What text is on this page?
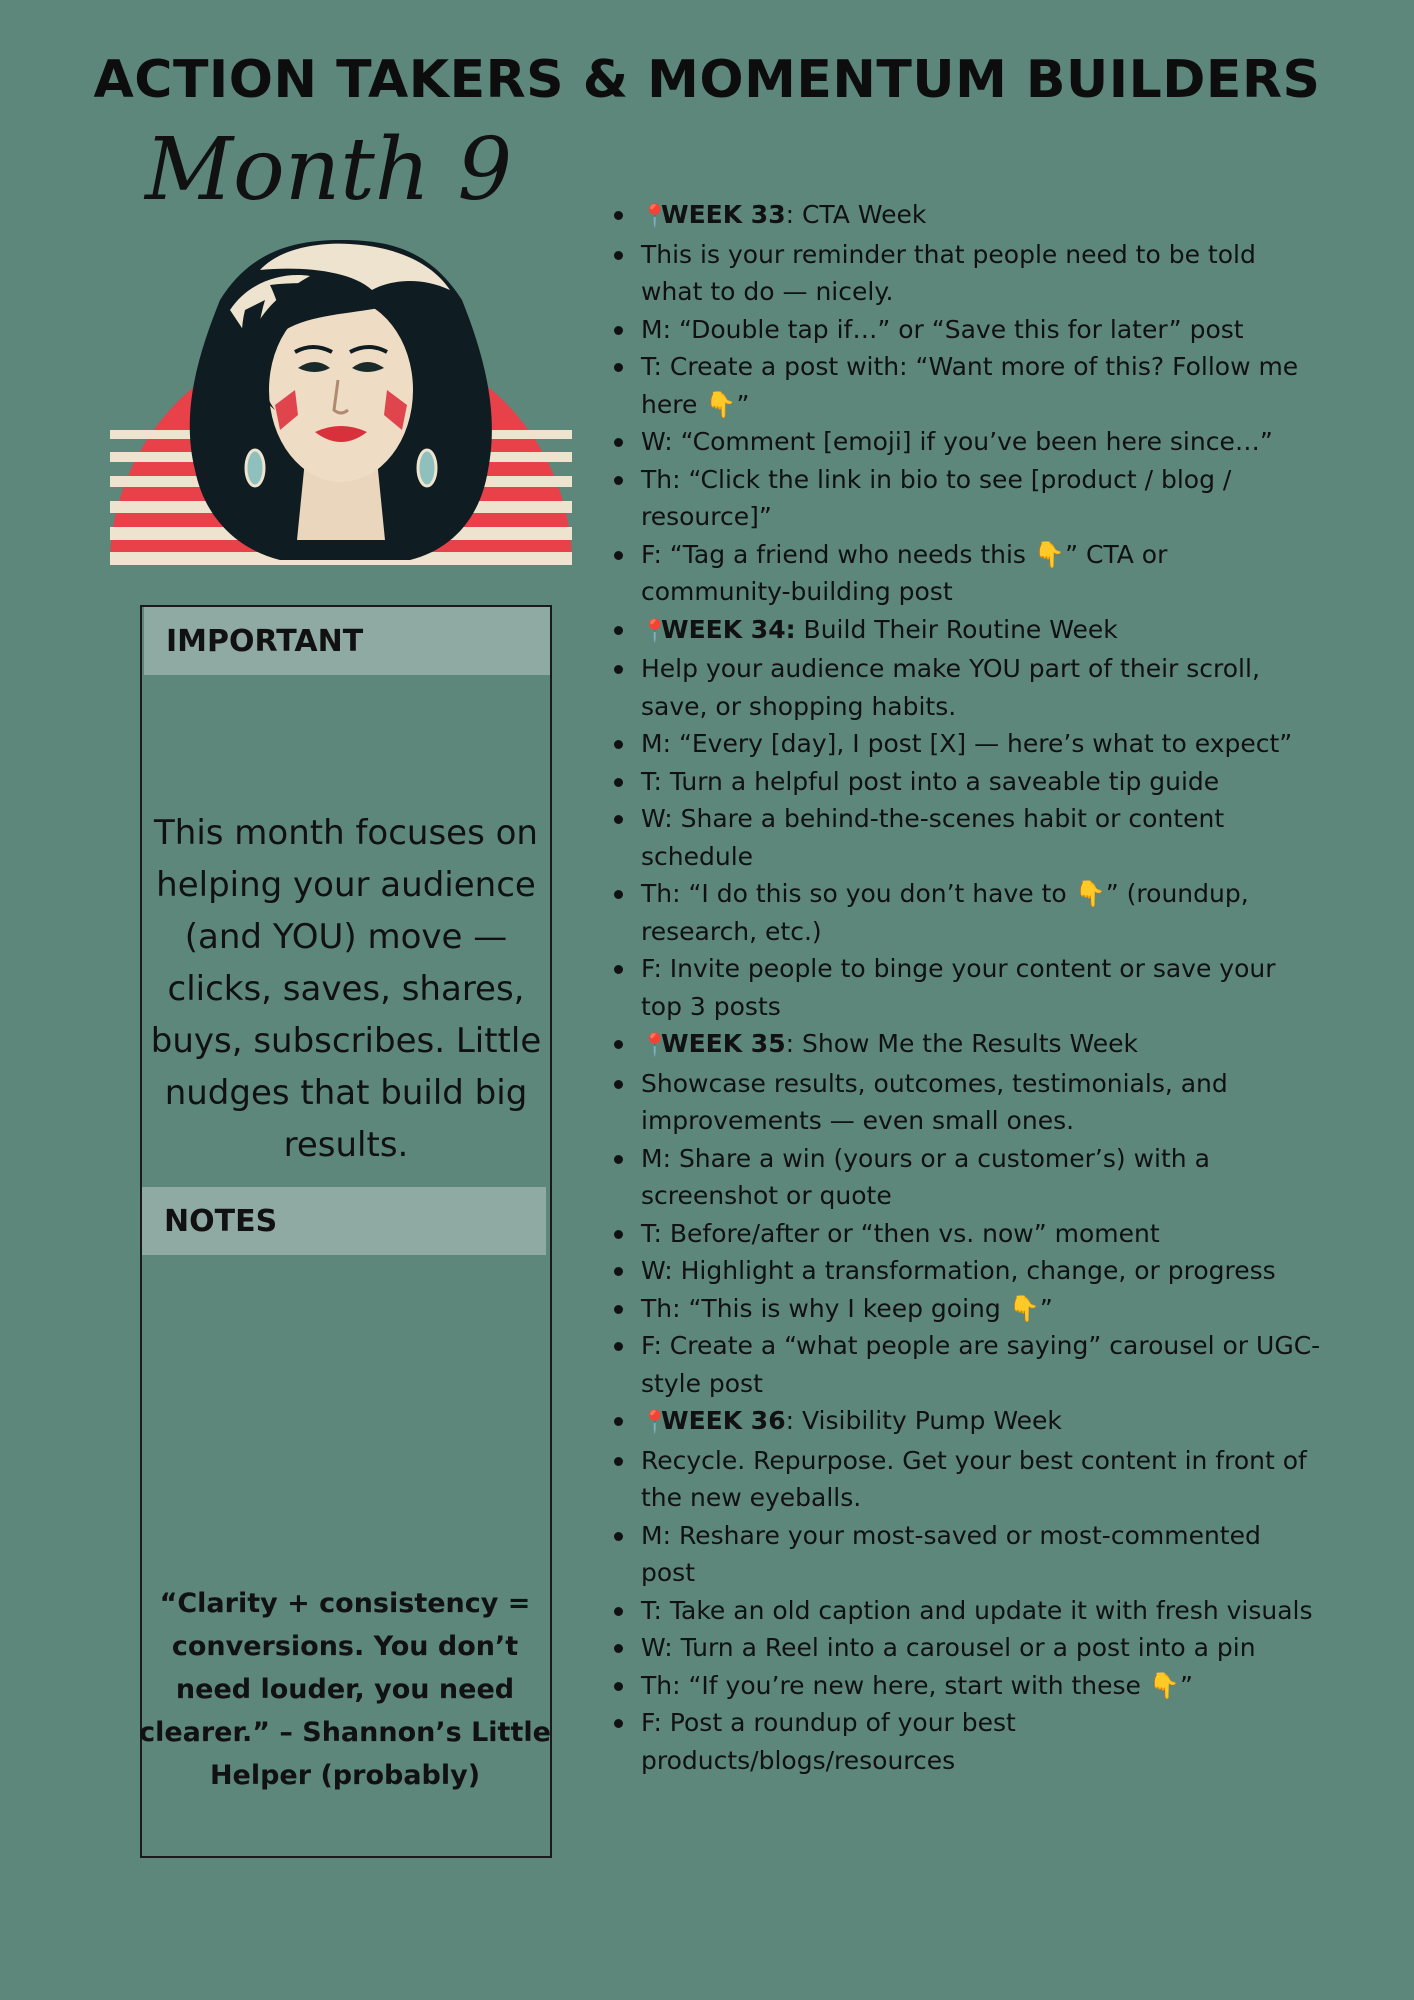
ACTION TAKERS & MOMENTUM BUILDERS
Month 9
IMPORTANT

This month focuses on helping your audience (and YOU) move — clicks, saves, shares, buys, subscribes. Little nudges that build big results.

NOTES

“Clarity + consistency = conversions. You don’t need louder, you need clearer.” – Shannon’s Little Helper (probably)

📍WEEK 33: CTA Week
This is your reminder that people need to be told what to do — nicely.
M: “Double tap if…” or “Save this for later” post
T: Create a post with: “Want more of this? Follow me here 👇”
W: “Comment [emoji] if you’ve been here since…”
Th: “Click the link in bio to see [product / blog / resource]”
F: “Tag a friend who needs this 👇” CTA or community-building post
📍WEEK 34: Build Their Routine Week
Help your audience make YOU part of their scroll, save, or shopping habits.
M: “Every [day], I post [X] — here’s what to expect”
T: Turn a helpful post into a saveable tip guide
W: Share a behind-the-scenes habit or content schedule
Th: “I do this so you don’t have to 👇” (roundup, research, etc.)
F: Invite people to binge your content or save your top 3 posts
📍WEEK 35: Show Me the Results Week
Showcase results, outcomes, testimonials, and improvements — even small ones.
M: Share a win (yours or a customer’s) with a screenshot or quote
T: Before/after or “then vs. now” moment
W: Highlight a transformation, change, or progress
Th: “This is why I keep going 👇”
F: Create a “what people are saying” carousel or UGC-style post
📍WEEK 36: Visibility Pump Week
Recycle. Repurpose. Get your best content in front of the new eyeballs.
M: Reshare your most-saved or most-commented post
T: Take an old caption and update it with fresh visuals
W: Turn a Reel into a carousel or a post into a pin
Th: “If you’re new here, start with these 👇”
F: Post a roundup of your best products/blogs/resources
